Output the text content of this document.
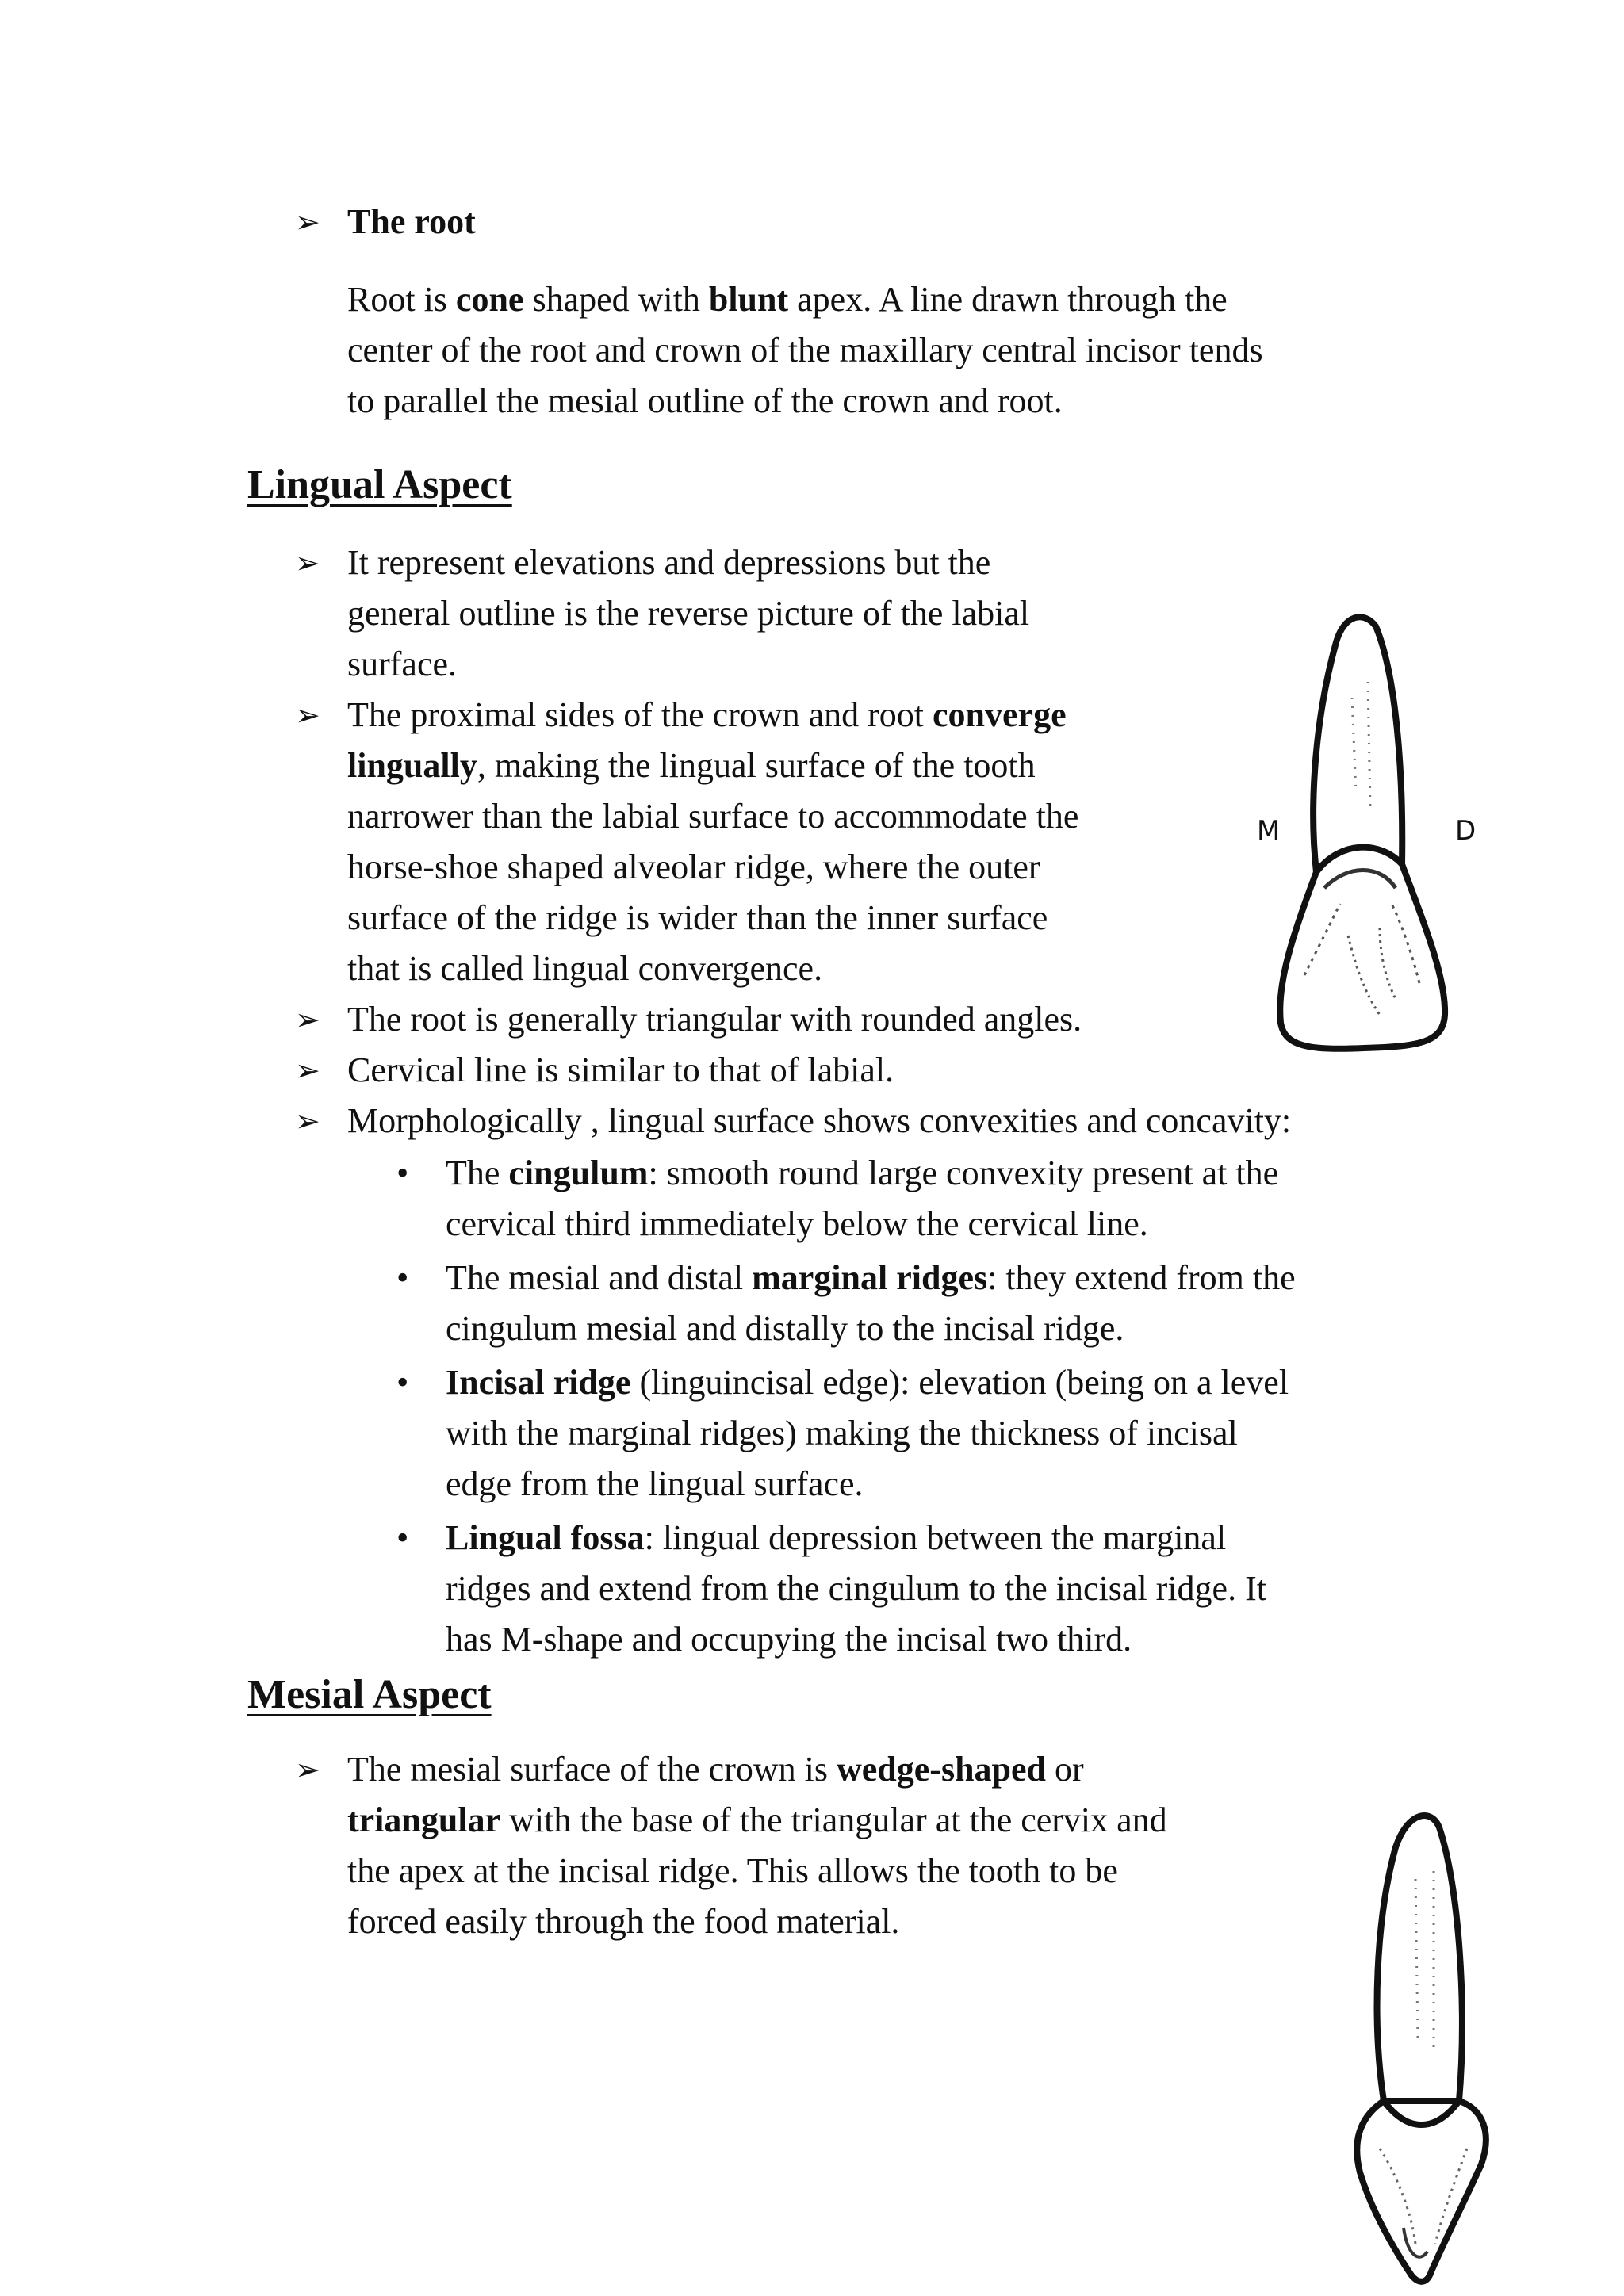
➢ The root
Root is cone shaped with blunt apex. A line drawn through the
center of the root and crown of the maxillary central incisor tends
to parallel the mesial outline of the crown and root.
Lingual Aspect
➢ It represent elevations and depressions but the
general outline is the reverse picture of the labial
surface.
➢ The proximal sides of the crown and root converge
lingually, making the lingual surface of the tooth
narrower than the labial surface to accommodate the
horse-shoe shaped alveolar ridge, where the outer
surface of the ridge is wider than the inner surface
that is called lingual convergence.
➢ The root is generally triangular with rounded angles.
➢ Cervical line is similar to that of labial.
➢ Morphologically , lingual surface shows convexities and concavity:
• The cingulum: smooth round large convexity present at the
cervical third immediately below the cervical line.
• The mesial and distal marginal ridges: they extend from the
cingulum mesial and distally to the incisal ridge.
• Incisal ridge (linguincisal edge): elevation (being on a level
with the marginal ridges) making the thickness of incisal
edge from the lingual surface.
• Lingual fossa: lingual depression between the marginal
ridges and extend from the cingulum to the incisal ridge. It
has M-shape and occupying the incisal two third.
M	D
Mesial Aspect
➢ The mesial surface of the crown is wedge-shaped or
triangular with the base of the triangular at the cervix and
the apex at the incisal ridge. This allows the tooth to be
forced easily through the food material.
